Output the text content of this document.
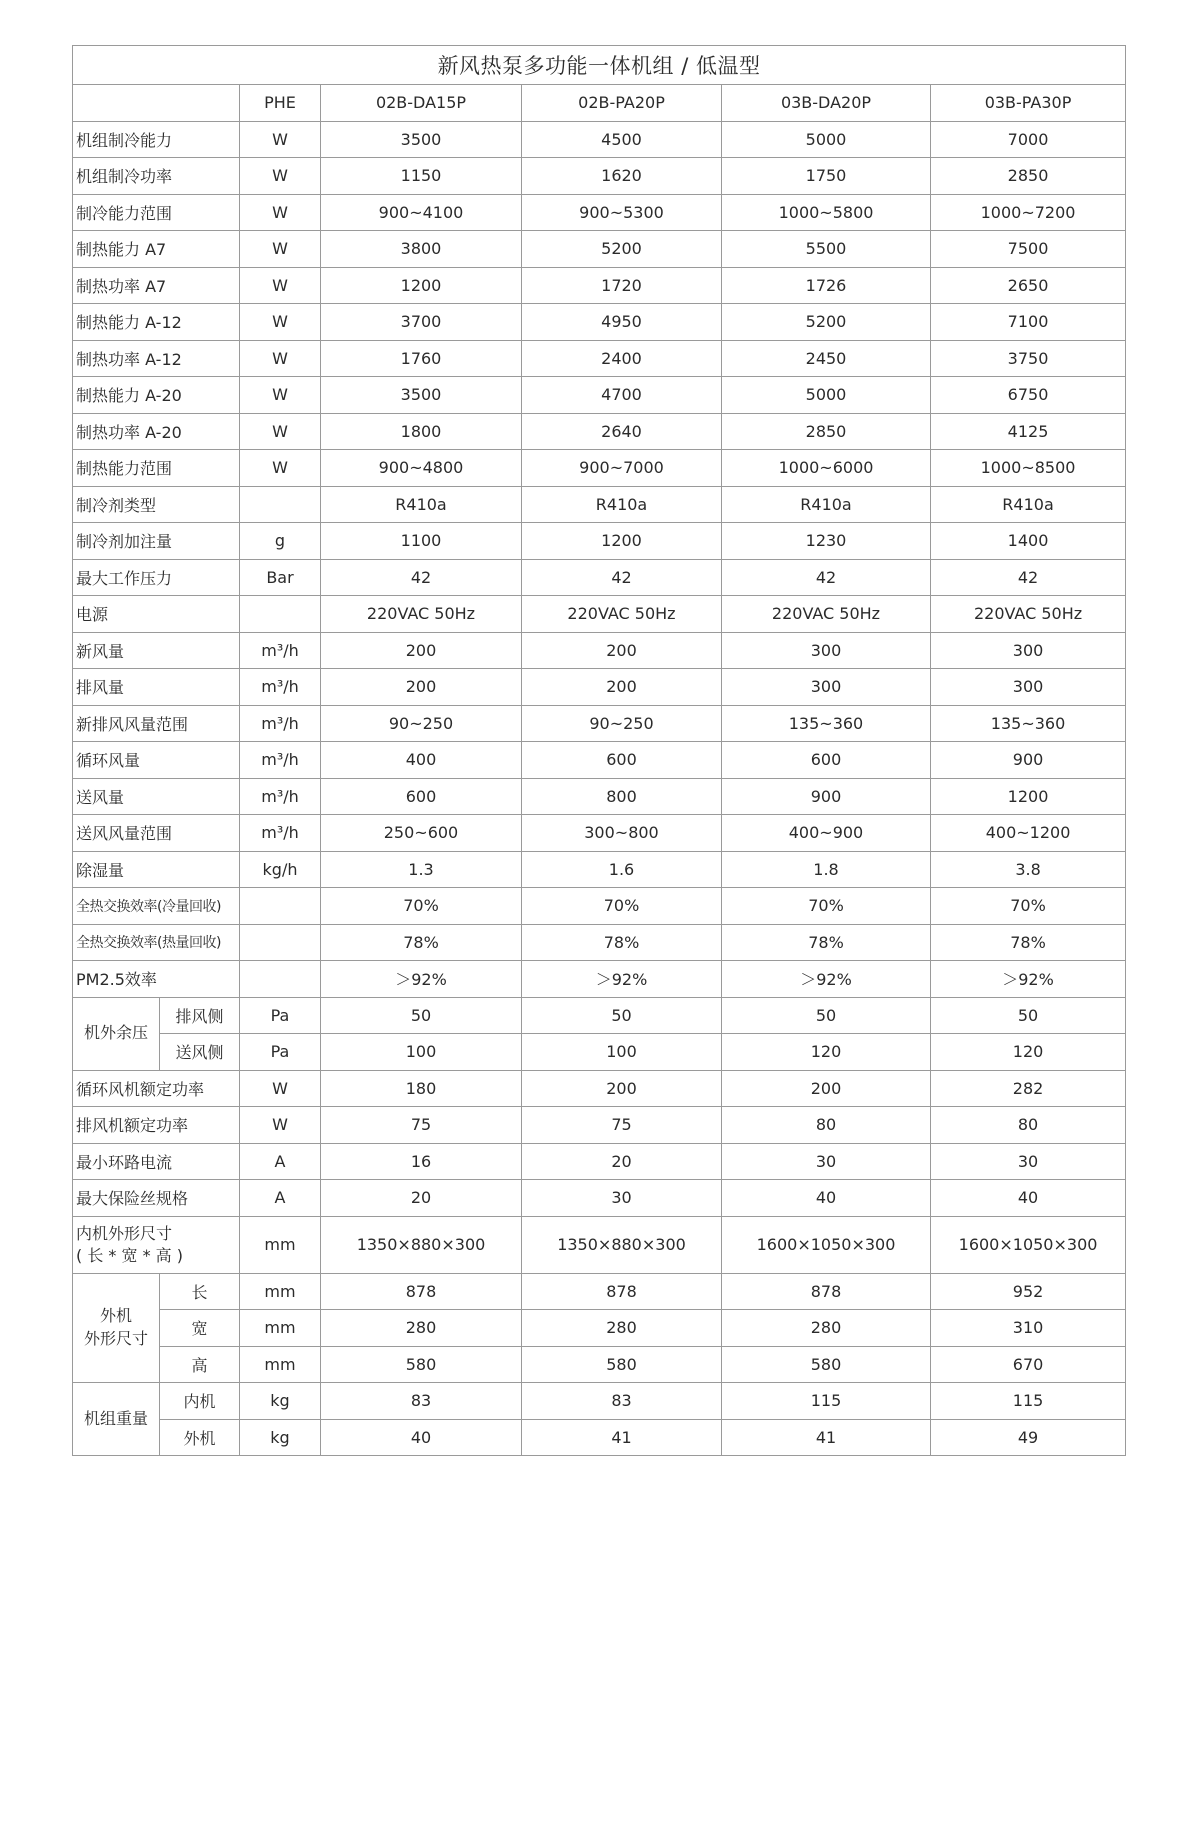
新风热泵多功能一体机组 / 低温型						
		PHE	02B-DA15P	02B-PA20P	03B-DA20P	03B-PA30P
机组制冷能力		W	3500	4500	5000	7000
机组制冷功率		W	1150	1620	1750	2850
制冷能力范围		W	900~4100	900~5300	1000~5800	1000~7200
制热能力 A7		W	3800	5200	5500	7500
制热功率 A7		W	1200	1720	1726	2650
制热能力 A-12		W	3700	4950	5200	7100
制热功率 A-12		W	1760	2400	2450	3750
制热能力 A-20		W	3500	4700	5000	6750
制热功率 A-20		W	1800	2640	2850	4125
制热能力范围		W	900~4800	900~7000	1000~6000	1000~8500
制冷剂类型			R410a	R410a	R410a	R410a
制冷剂加注量		g	1100	1200	1230	1400
最大工作压力		Bar	42	42	42	42
电源			220VAC 50Hz	220VAC 50Hz	220VAC 50Hz	220VAC 50Hz
新风量		m³/h	200	200	300	300
排风量		m³/h	200	200	300	300
新排风风量范围		m³/h	90~250	90~250	135~360	135~360
循环风量		m³/h	400	600	600	900
送风量		m³/h	600	800	900	1200
送风风量范围		m³/h	250~600	300~800	400~900	400~1200
除湿量		kg/h	1.3	1.6	1.8	3.8
全热交换效率(冷量回收)			70%	70%	70%	70%
全热交换效率(热量回收)			78%	78%	78%	78%
PM2.5效率			＞92%	＞92%	＞92%	＞92%
机外余压	排风侧	Pa	50	50	50	50
	送风侧	Pa	100	100	120	120
循环风机额定功率		W	180	200	200	282
排风机额定功率		W	75	75	80	80
最小环路电流		A	16	20	30	30
最大保险丝规格		A	20	30	40	40
内机外形尺寸
( 长 * 宽 * 高 )		mm	1350×880×300	1350×880×300	1600×1050×300	1600×1050×300
外机
外形尺寸	长	mm	878	878	878	952
	宽	mm	280	280	280	310
	高	mm	580	580	580	670
机组重量	内机	kg	83	83	115	115
	外机	kg	40	41	41	49
